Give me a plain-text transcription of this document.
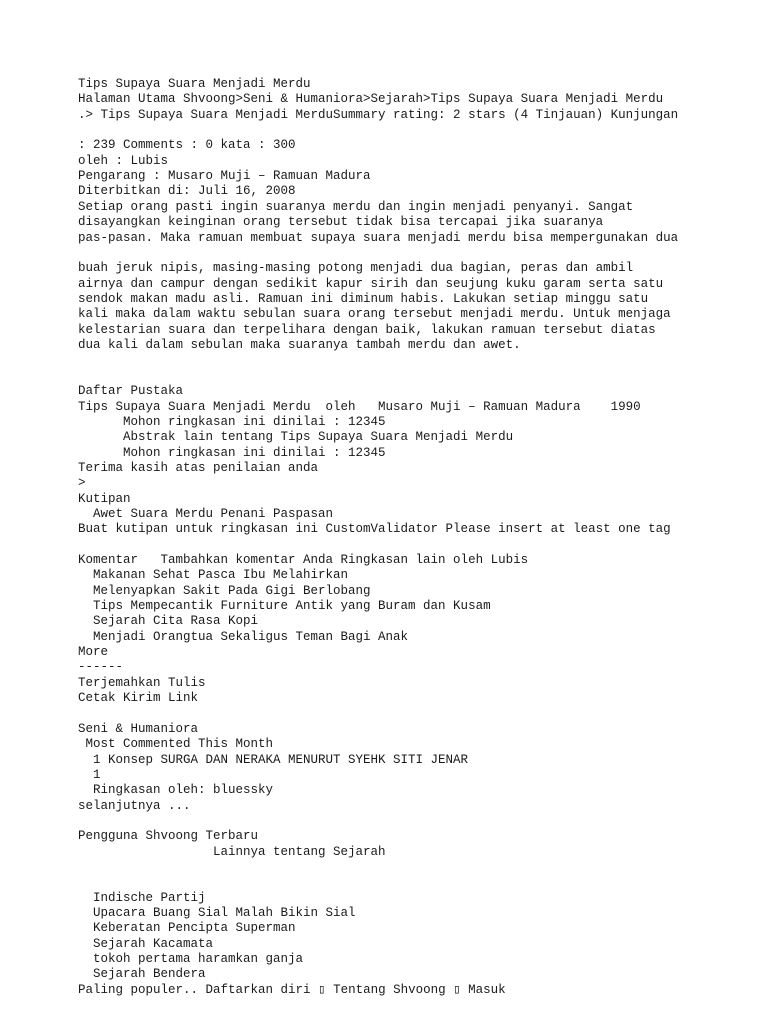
Tips Supaya Suara Menjadi Merdu
Halaman Utama Shvoong>Seni & Humaniora>Sejarah>Tips Supaya Suara Menjadi Merdu
.> Tips Supaya Suara Menjadi MerduSummary rating: 2 stars (4 Tinjauan) Kunjungan
: 239 Comments : 0 kata : 300
oleh : Lubis
Pengarang : Musaro Muji – Ramuan Madura
Diterbitkan di: Juli 16, 2008
Setiap orang pasti ingin suaranya merdu dan ingin menjadi penyanyi. Sangat
disayangkan keinginan orang tersebut tidak bisa tercapai jika suaranya
pas-pasan. Maka ramuan membuat supaya suara menjadi merdu bisa mempergunakan dua
buah jeruk nipis, masing-masing potong menjadi dua bagian, peras dan ambil
airnya dan campur dengan sedikit kapur sirih dan seujung kuku garam serta satu
sendok makan madu asli. Ramuan ini diminum habis. Lakukan setiap minggu satu
kali maka dalam waktu sebulan suara orang tersebut menjadi merdu. Untuk menjaga
kelestarian suara dan terpelihara dengan baik, lakukan ramuan tersebut diatas
dua kali dalam sebulan maka suaranya tambah merdu dan awet.
Daftar Pustaka
Tips Supaya Suara Menjadi Merdu  oleh   Musaro Muji – Ramuan Madura    1990
Mohon ringkasan ini dinilai : 12345
Abstrak lain tentang Tips Supaya Suara Menjadi Merdu
Mohon ringkasan ini dinilai : 12345
Terima kasih atas penilaian anda
>
Kutipan
Awet Suara Merdu Penani Paspasan
Buat kutipan untuk ringkasan ini CustomValidator Please insert at least one tag
Komentar   Tambahkan komentar Anda Ringkasan lain oleh Lubis
Makanan Sehat Pasca Ibu Melahirkan
Melenyapkan Sakit Pada Gigi Berlobang
Tips Mempecantik Furniture Antik yang Buram dan Kusam
Sejarah Cita Rasa Kopi
Menjadi Orangtua Sekaligus Teman Bagi Anak
More
------
Terjemahkan Tulis
Cetak Kirim Link
Seni & Humaniora
Most Commented This Month
1 Konsep SURGA DAN NERAKA MENURUT SYEHK SITI JENAR
1
Ringkasan oleh: bluessky
selanjutnya ...
Pengguna Shvoong Terbaru
Lainnya tentang Sejarah
Indische Partij
Upacara Buang Sial Malah Bikin Sial
Keberatan Pencipta Superman
Sejarah Kacamata
tokoh pertama haramkan ganja
Sejarah Bendera
Paling populer.. Daftarkan diri ▯ Tentang Shvoong ▯ Masuk
